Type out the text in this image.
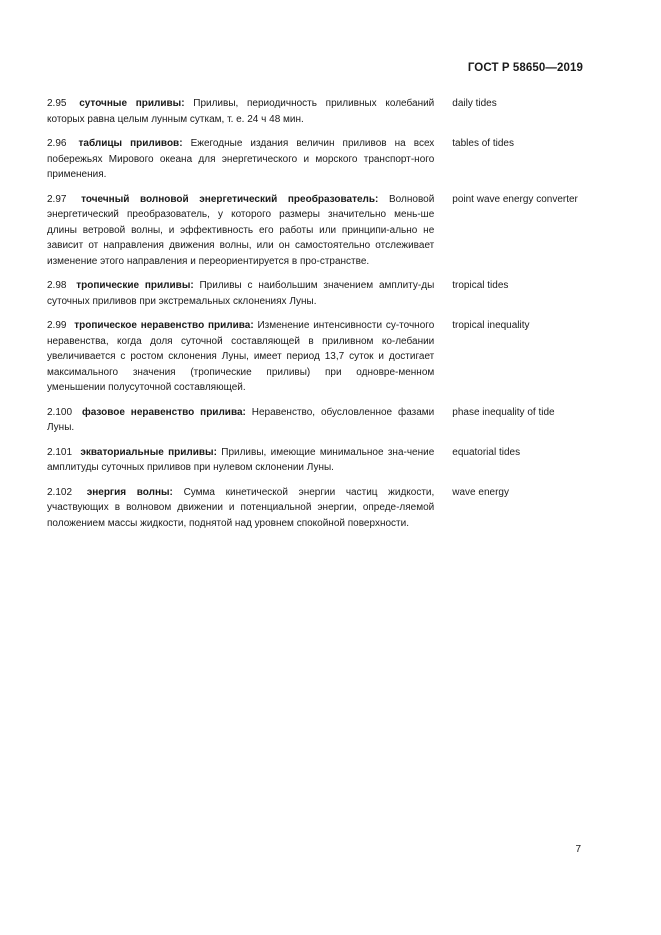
ГОСТ Р 58650—2019
2.95 суточные приливы: Приливы, периодичность приливных колебаний которых равна целым лунным суткам, т. е. 24 ч 48 мин.
daily tides
2.96 таблицы приливов: Ежегодные издания величин приливов на всех побережьях Мирового океана для энергетического и морского транспорт-ного применения.
tables of tides
2.97 точечный волновой энергетический преобразователь: Волновой энергетический преобразователь, у которого размеры значительно мень-ше длины ветровой волны, и эффективность его работы или принципи-ально не зависит от направления движения волны, или он самостоятельно отслеживает изменение этого направления и переориентируется в про-странстве.
point wave energy converter
2.98 тропические приливы: Приливы с наибольшим значением амплиту-ды суточных приливов при экстремальных склонениях Луны.
tropical tides
2.99 тропическое неравенство прилива: Изменение интенсивности су-точного неравенства, когда доля суточной составляющей в приливном ко-лебании увеличивается с ростом склонения Луны, имеет период 13,7 суток и достигает максимального значения (тропические приливы) при одновре-менном уменьшении полусуточной составляющей.
tropical inequality
2.100 фазовое неравенство прилива: Неравенство, обусловленное фазами Луны.
phase inequality of tide
2.101 экваториальные приливы: Приливы, имеющие минимальное зна-чение амплитуды суточных приливов при нулевом склонении Луны.
equatorial tides
2.102 энергия волны: Сумма кинетической энергии частиц жидкости, участвующих в волновом движении и потенциальной энергии, опреде-ляемой положением массы жидкости, поднятой над уровнем спокойной поверхности.
wave energy
7
